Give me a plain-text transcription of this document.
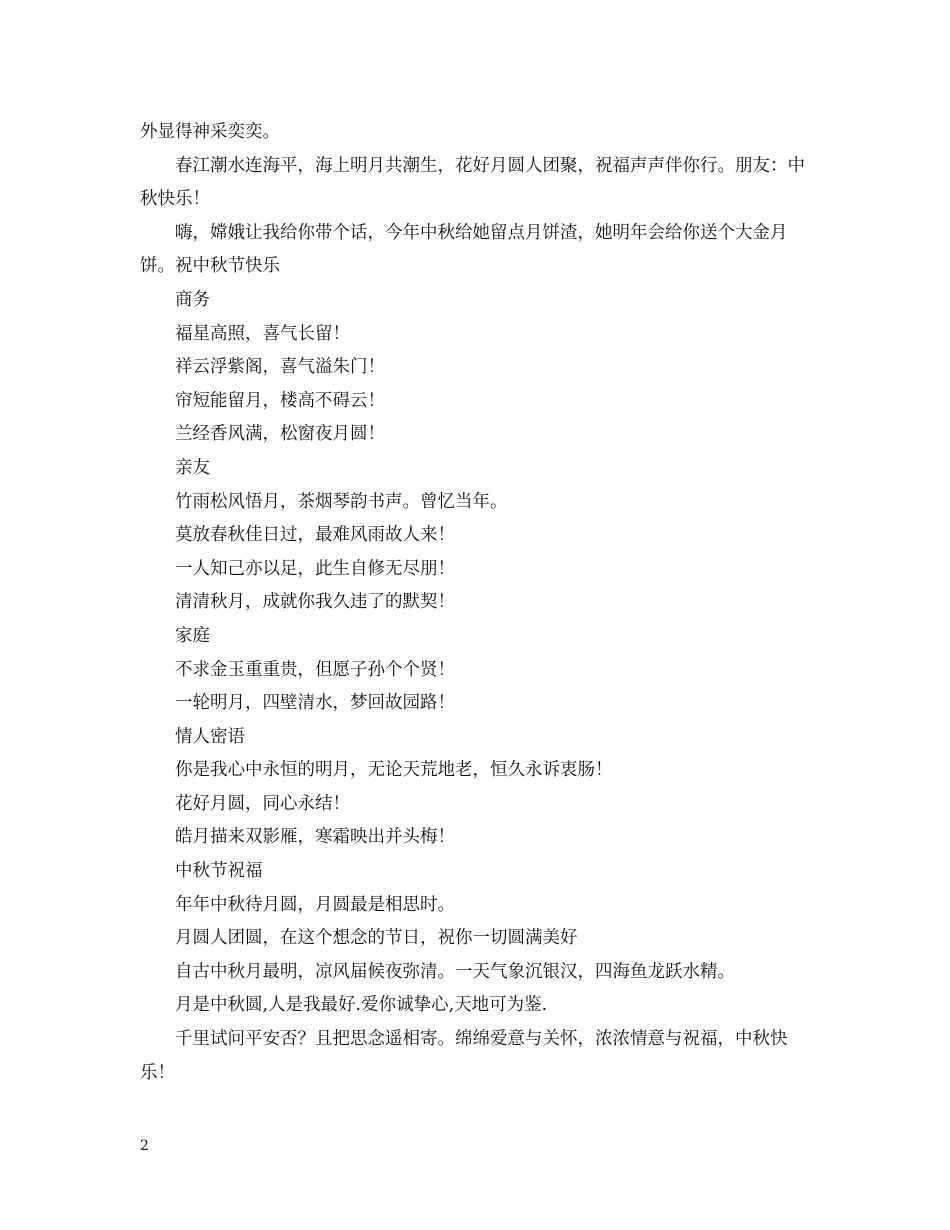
外显得神采奕奕。

春江潮水连海平，海上明月共潮生，花好月圆人团聚，祝福声声伴你行。朋友：中秋快乐！

嗨，嫦娥让我给你带个话，今年中秋给她留点月饼渣，她明年会给你送个大金月饼。祝中秋节快乐

商务

福星高照，喜气长留！

祥云浮紫阁，喜气溢朱门！

帘短能留月，楼高不碍云！

兰经香风满，松窗夜月圆！

亲友

竹雨松风悟月，茶烟琴韵书声。曾忆当年。

莫放春秋佳日过，最难风雨故人来！

一人知己亦以足，此生自修无尽朋！

清清秋月，成就你我久违了的默契！

家庭

不求金玉重重贵，但愿子孙个个贤！

一轮明月，四壁清水，梦回故园路！

情人密语

你是我心中永恒的明月，无论天荒地老，恒久永诉衷肠！

花好月圆，同心永结！

皓月描来双影雁，寒霜映出并头梅！

中秋节祝福

年年中秋待月圆，月圆最是相思时。

月圆人团圆，在这个想念的节日，祝你一切圆满美好

自古中秋月最明，凉风届候夜弥清。一天气象沉银汉，四海鱼龙跃水精。

月是中秋圆,人是我最好.爱你诚挚心,天地可为鉴.

千里试问平安否？且把思念遥相寄。绵绵爱意与关怀，浓浓情意与祝福，中秋快乐！

2
